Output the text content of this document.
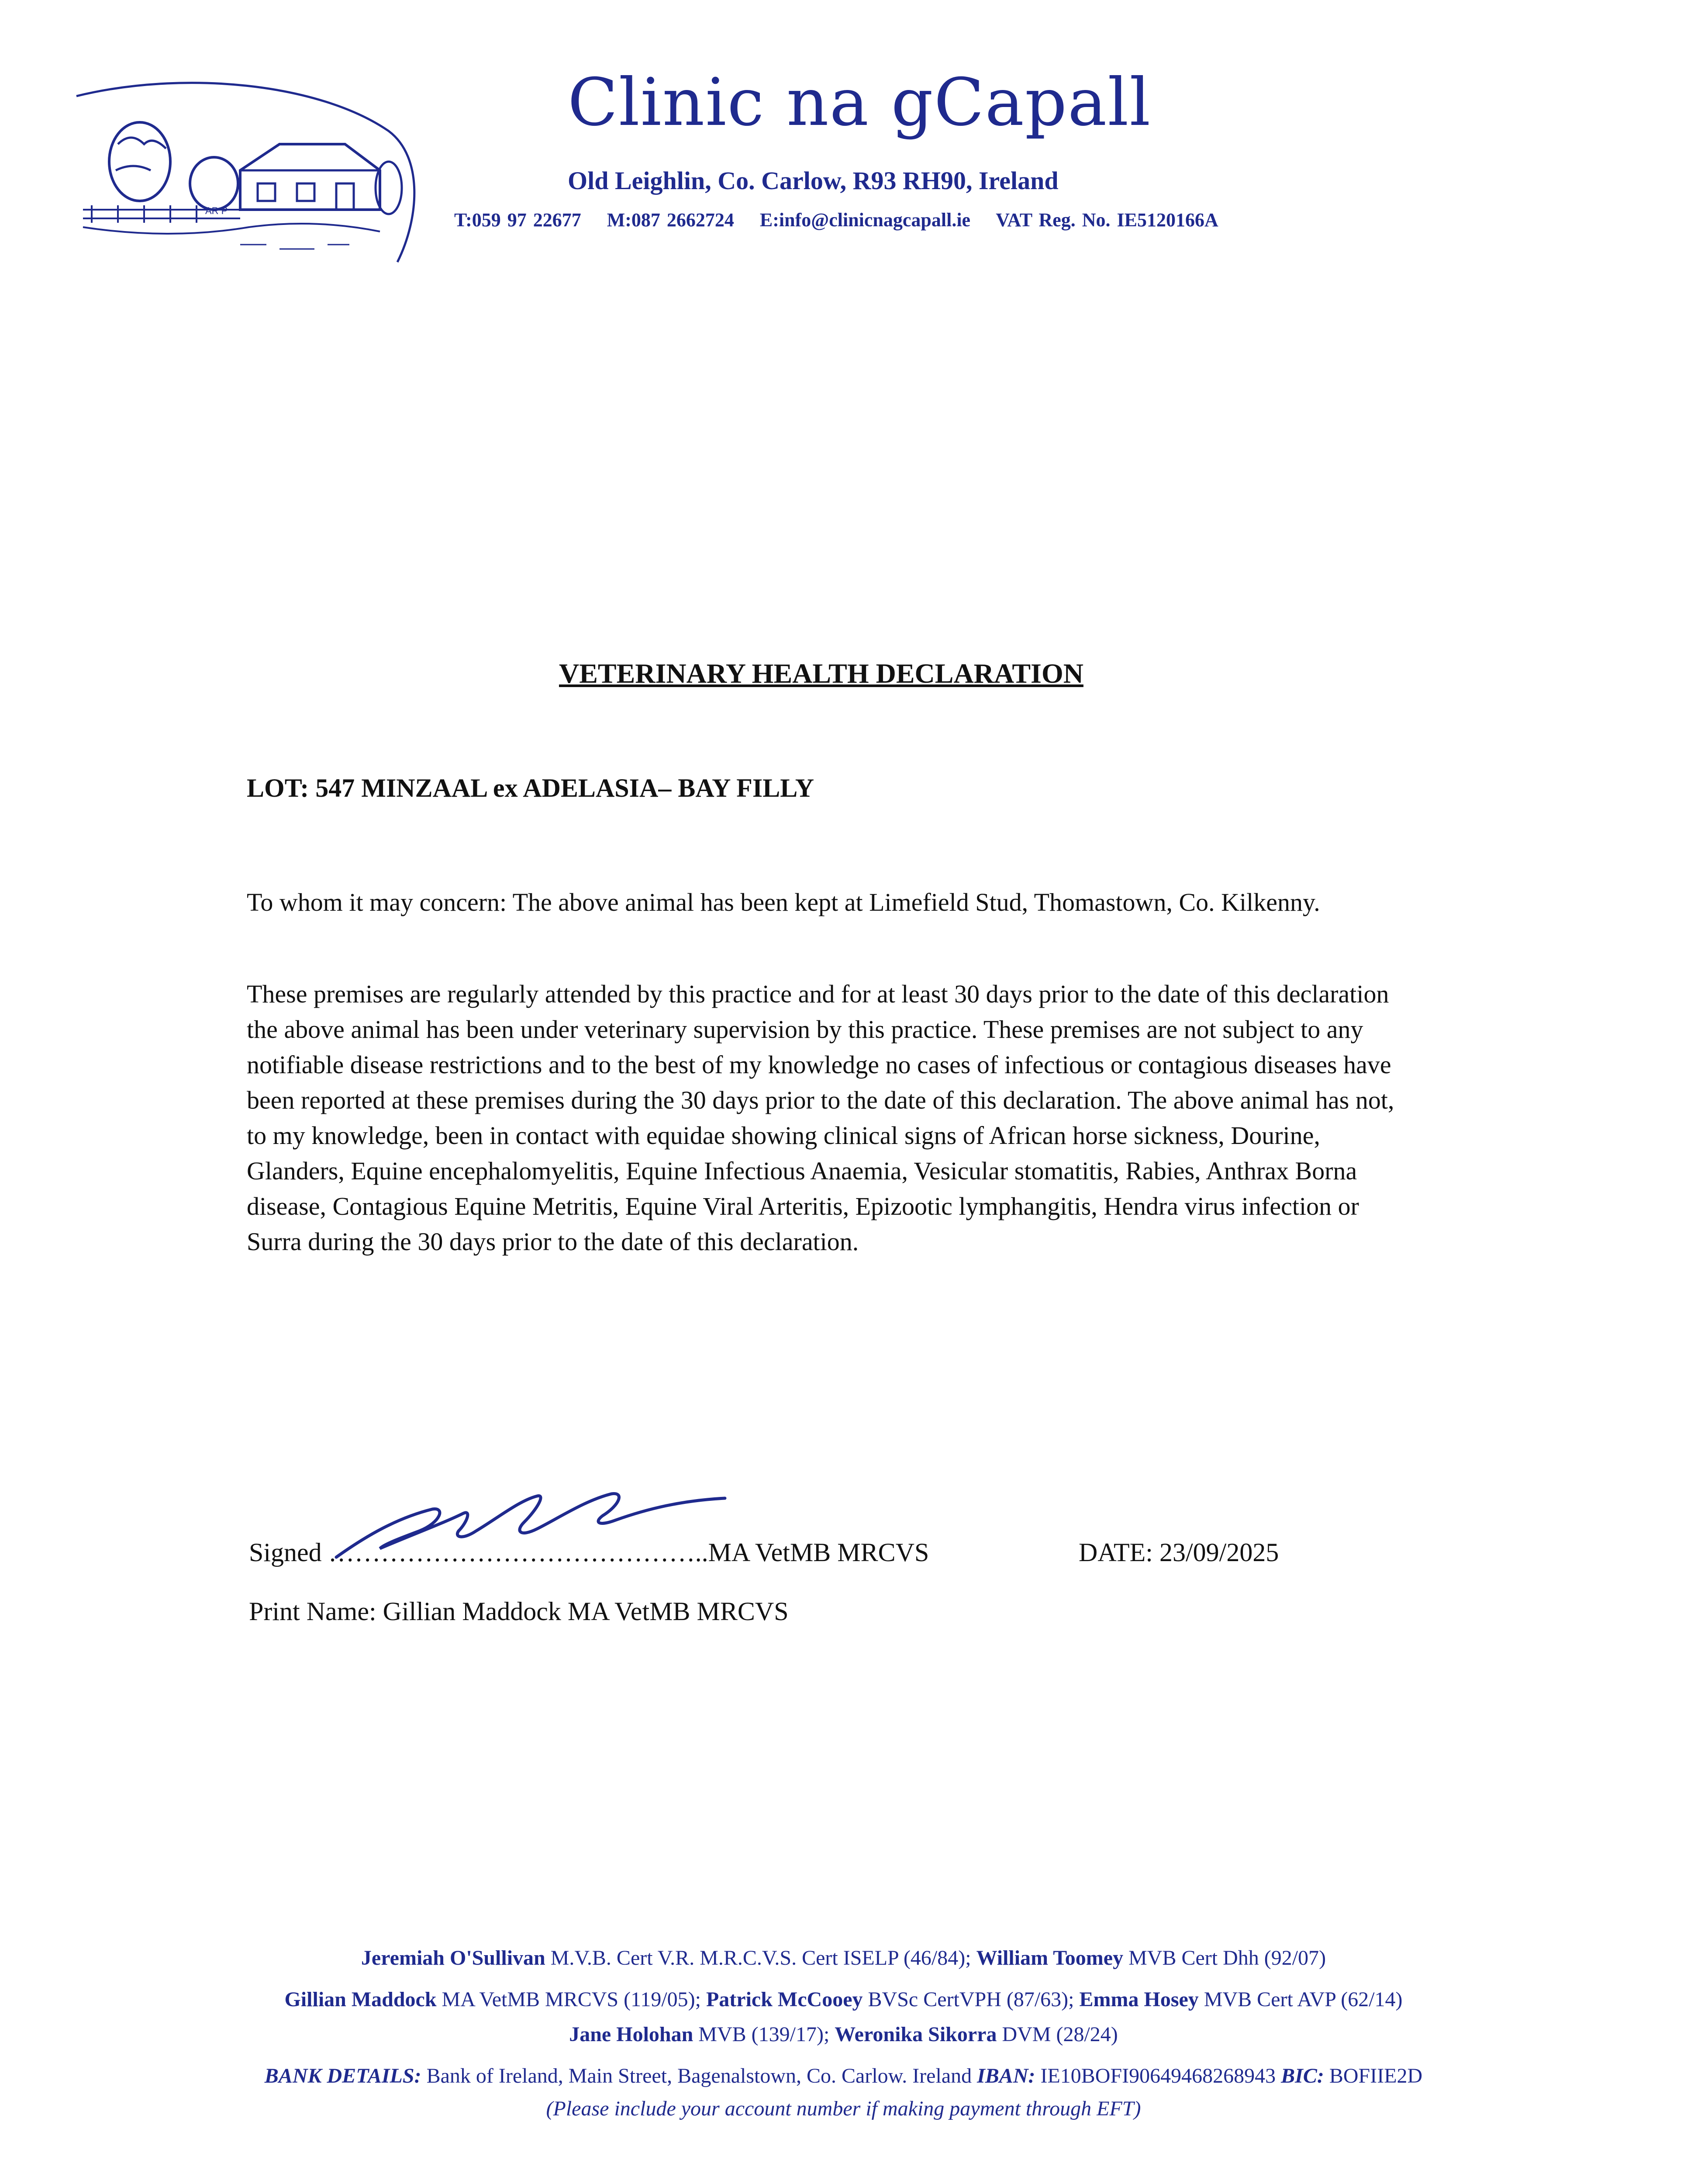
AR P
Clinic na gCapall
Old Leighlin, Co. Carlow, R93 RH90, Ireland
T:059 97 22677 M:087 2662724 E:info@clinicnagcapall.ie VAT Reg. No. IE5120166A
VETERINARY HEALTH DECLARATION
LOT: 547 MINZAAL ex ADELASIA– BAY FILLY
To whom it may concern: The above animal has been kept at Limefield Stud, Thomastown, Co. Kilkenny.
These premises are regularly attended by this practice and for at least 30 days prior to the date of this declaration the above animal has been under veterinary supervision by this practice. These premises are not subject to any notifiable disease restrictions and to the best of my knowledge no cases of infectious or contagious diseases have been reported at these premises during the 30 days prior to the date of this declaration. The above animal has not, to my knowledge, been in contact with equidae showing clinical signs of African horse sickness, Dourine, Glanders, Equine encephalomyelitis, Equine Infectious Anaemia, Vesicular stomatitis, Rabies, Anthrax Borna disease, Contagious Equine Metritis, Equine Viral Arteritis, Epizootic lymphangitis, Hendra virus infection or Surra during the 30 days prior to the date of this declaration.
Signed ……………………………………..MA VetMB MRCVS	DATE: 23/09/2025
Print Name: Gillian Maddock MA VetMB MRCVS
Jeremiah O'Sullivan M.V.B. Cert V.R. M.R.C.V.S. Cert ISELP (46/84); William Toomey MVB Cert Dhh (92/07)
Gillian Maddock MA VetMB MRCVS (119/05); Patrick McCooey BVSc CertVPH (87/63); Emma Hosey MVB Cert AVP (62/14)
Jane Holohan MVB (139/17); Weronika Sikorra DVM (28/24)
BANK DETAILS: Bank of Ireland, Main Street, Bagenalstown, Co. Carlow. Ireland IBAN: IE10BOFI90649468268943 BIC: BOFIIE2D
(Please include your account number if making payment through EFT)
